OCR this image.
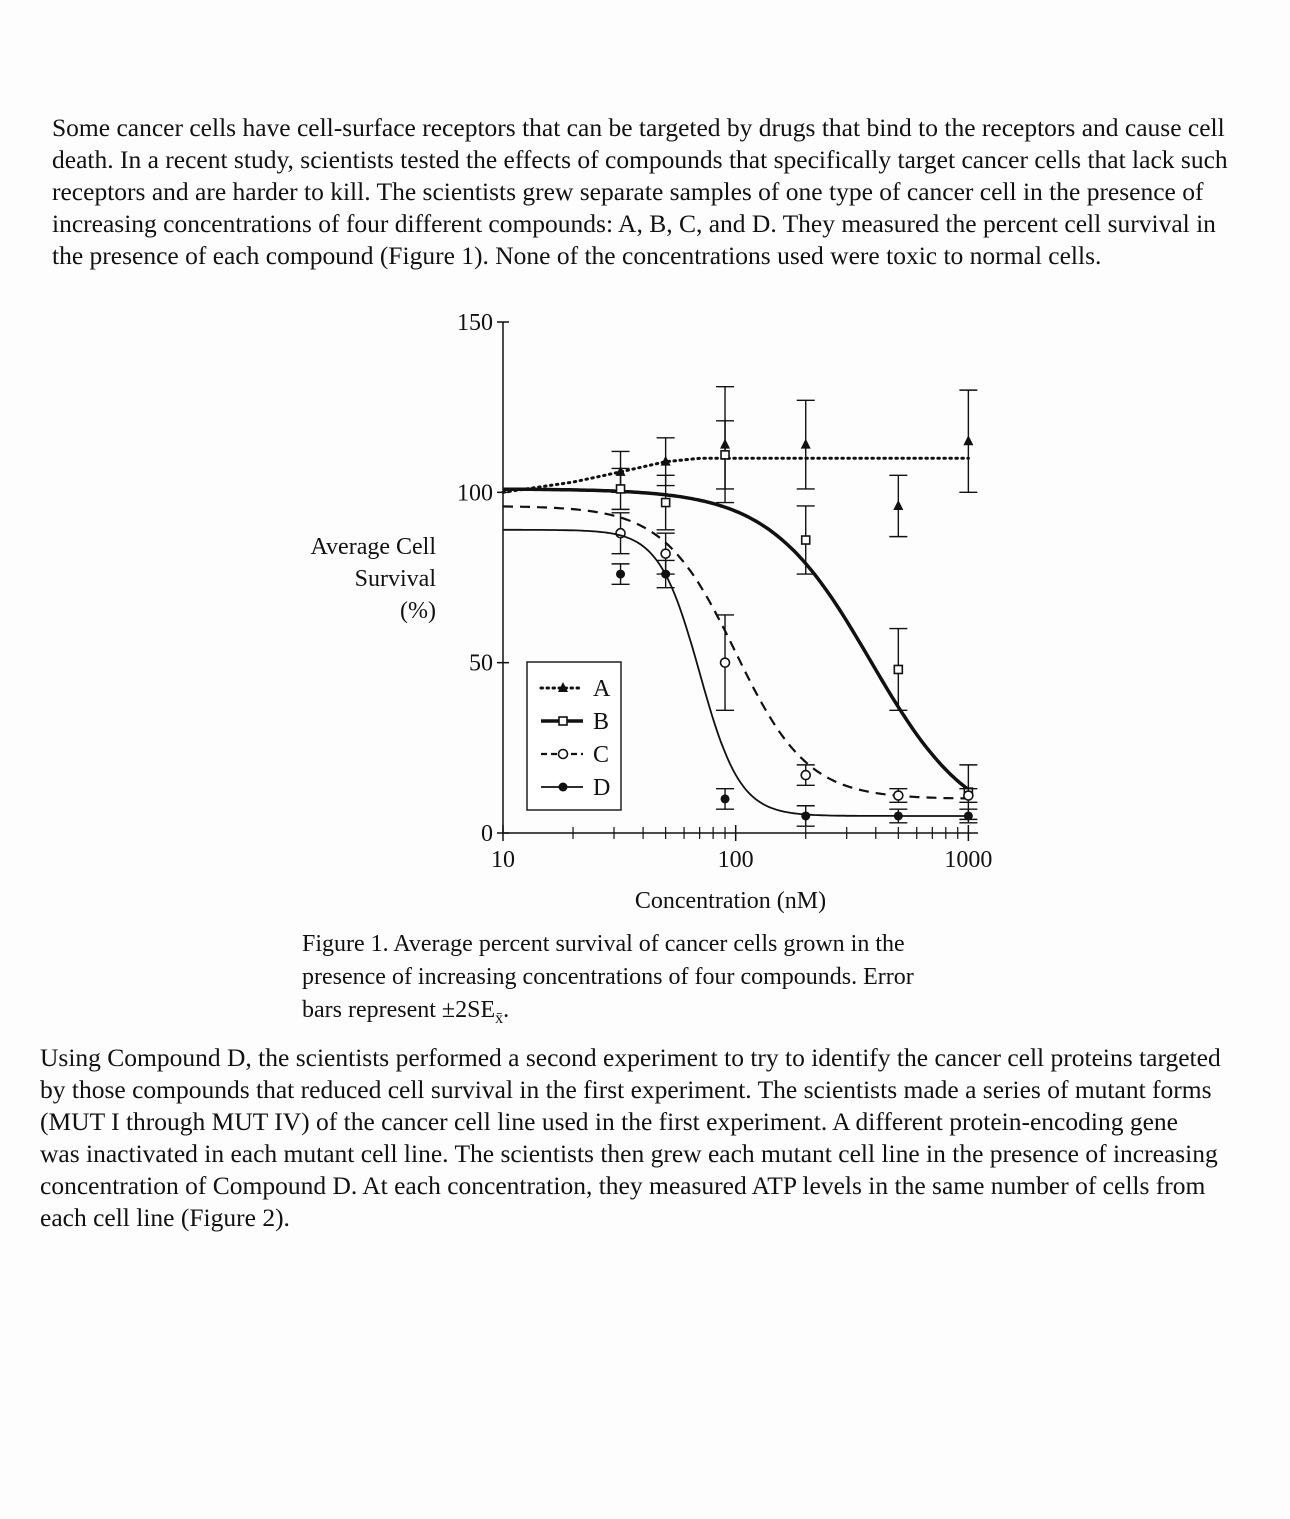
Some cancer cells have cell-surface receptors that can be targeted by drugs that bind to the receptors and cause cell
death. In a recent study, scientists tested the effects of compounds that specifically target cancer cells that lack such
receptors and are harder to kill. The scientists grew separate samples of one type of cancer cell in the presence of
increasing concentrations of four different compounds: A, B, C, and D. They measured the percent cell survival in
the presence of each compound (Figure 1). None of the concentrations used were toxic to normal cells.

0
50
100
150
10	100	1000
Concentration (nM)
Average Cell
Survival
(%)
A
B
C
D

Figure 1. Average percent survival of cancer cells grown in the
presence of increasing concentrations of four compounds. Error
bars represent $\pm 2SE_{x̄}$.

Using Compound D, the scientists performed a second experiment to try to identify the cancer cell proteins targeted
by those compounds that reduced cell survival in the first experiment. The scientists made a series of mutant forms
(MUT I through MUT IV) of the cancer cell line used in the first experiment. A different protein-encoding gene
was inactivated in each mutant cell line. The scientists then grew each mutant cell line in the presence of increasing
concentration of Compound D. At each concentration, they measured ATP levels in the same number of cells from
each cell line (Figure 2).
